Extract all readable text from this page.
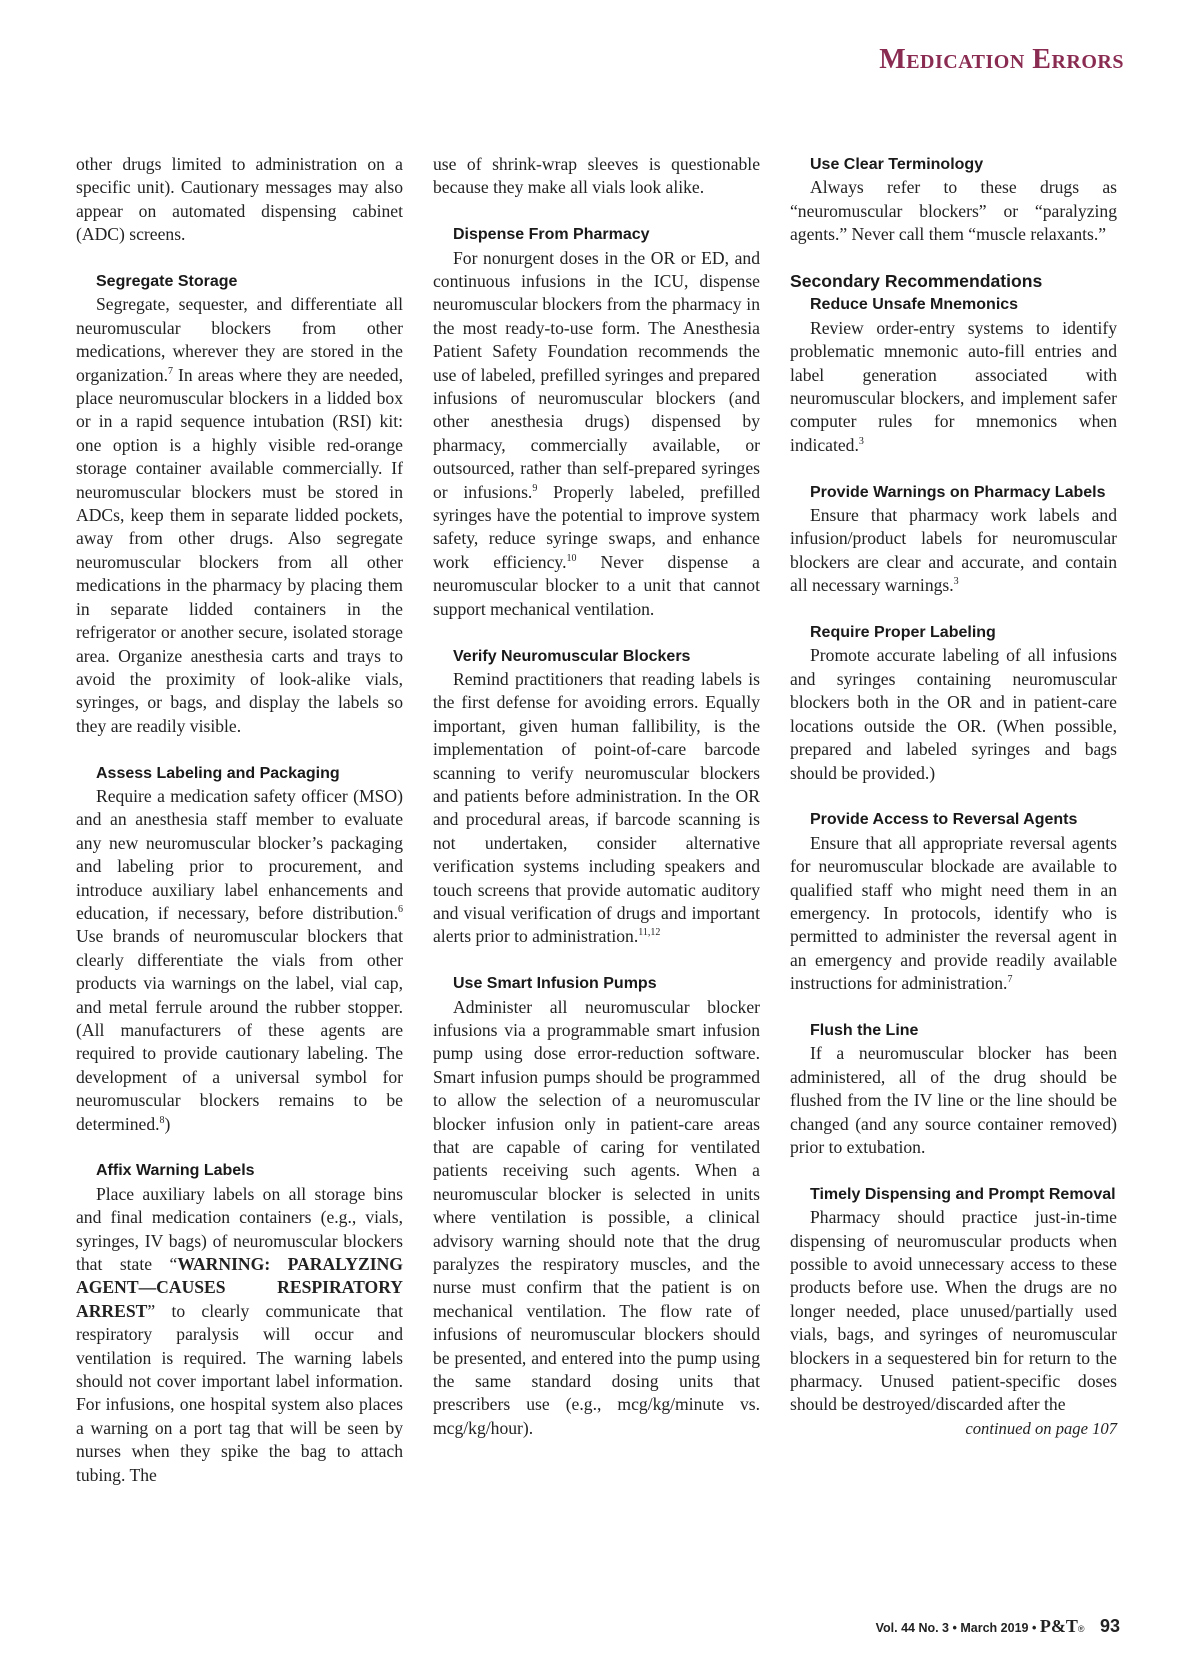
Medication Errors

other drugs limited to administration on a specific unit). Cautionary messages may also appear on automated dispensing cabinet (ADC) screens.

Segregate Storage

Segregate, sequester, and differentiate all neuromuscular blockers from other medications, wherever they are stored in the organization.$^7$ In areas where they are needed, place neuromuscular blockers in a lidded box or in a rapid sequence intubation (RSI) kit: one option is a highly visible red-orange storage container available commercially. If neuromuscular blockers must be stored in ADCs, keep them in separate lidded pockets, away from other drugs. Also segregate neuromuscular blockers from all other medications in the pharmacy by placing them in separate lidded containers in the refrigerator or another secure, isolated storage area. Organize anesthesia carts and trays to avoid the proximity of look-alike vials, syringes, or bags, and display the labels so they are readily visible.

Assess Labeling and Packaging

Require a medication safety officer (MSO) and an anesthesia staff member to evaluate any new neuromuscular blocker’s packaging and labeling prior to procurement, and introduce auxiliary label enhancements and education, if necessary, before distribution.$^6$ Use brands of neuromuscular blockers that clearly differentiate the vials from other products via warnings on the label, vial cap, and metal ferrule around the rubber stopper. (All manufacturers of these agents are required to provide cautionary labeling. The development of a universal symbol for neuromuscular blockers remains to be determined.$^8$)

Affix Warning Labels

Place auxiliary labels on all storage bins and final medication containers (e.g., vials, syringes, IV bags) of neuromuscular blockers that state “WARNING: PARALYZING AGENT—CAUSES RESPIRATORY ARREST” to clearly communicate that respiratory paralysis will occur and ventilation is required. The warning labels should not cover important label information. For infusions, one hospital system also places a warning on a port tag that will be seen by nurses when they spike the bag to attach tubing. The

use of shrink-wrap sleeves is questionable because they make all vials look alike.

Dispense From Pharmacy

For nonurgent doses in the OR or ED, and continuous infusions in the ICU, dispense neuromuscular blockers from the pharmacy in the most ready-to-use form. The Anesthesia Patient Safety Foundation recommends the use of labeled, prefilled syringes and prepared infusions of neuromuscular blockers (and other anesthesia drugs) dispensed by pharmacy, commercially available, or outsourced, rather than self-prepared syringes or infusions.$^9$ Properly labeled, prefilled syringes have the potential to improve system safety, reduce syringe swaps, and enhance work efficiency.$^{10}$ Never dispense a neuromuscular blocker to a unit that cannot support mechanical ventilation.

Verify Neuromuscular Blockers

Remind practitioners that reading labels is the first defense for avoiding errors. Equally important, given human fallibility, is the implementation of point-of-care barcode scanning to verify neuromuscular blockers and patients before administration. In the OR and procedural areas, if barcode scanning is not undertaken, consider alternative verification systems including speakers and touch screens that provide automatic auditory and visual verification of drugs and important alerts prior to administration.$^{11,12}$

Use Smart Infusion Pumps

Administer all neuromuscular blocker infusions via a programmable smart infusion pump using dose error-reduction software. Smart infusion pumps should be programmed to allow the selection of a neuromuscular blocker infusion only in patient-care areas that are capable of caring for ventilated patients receiving such agents. When a neuromuscular blocker is selected in units where ventilation is possible, a clinical advisory warning should note that the drug paralyzes the respiratory muscles, and the nurse must confirm that the patient is on mechanical ventilation. The flow rate of infusions of neuromuscular blockers should be presented, and entered into the pump using the same standard dosing units that prescribers use (e.g., mcg/kg/minute vs. mcg/kg/hour).

Use Clear Terminology

Always refer to these drugs as “neuromuscular blockers” or “paralyzing agents.” Never call them “muscle relaxants.”

Secondary Recommendations
Reduce Unsafe Mnemonics

Review order-entry systems to identify problematic mnemonic auto-fill entries and label generation associated with neuromuscular blockers, and implement safer computer rules for mnemonics when indicated.$^3$

Provide Warnings on Pharmacy Labels

Ensure that pharmacy work labels and infusion/product labels for neuromuscular blockers are clear and accurate, and contain all necessary warnings.$^3$

Require Proper Labeling

Promote accurate labeling of all infusions and syringes containing neuromuscular blockers both in the OR and in patient-care locations outside the OR. (When possible, prepared and labeled syringes and bags should be provided.)

Provide Access to Reversal Agents

Ensure that all appropriate reversal agents for neuromuscular blockade are available to qualified staff who might need them in an emergency. In protocols, identify who is permitted to administer the reversal agent in an emergency and provide readily available instructions for administration.$^7$

Flush the Line

If a neuromuscular blocker has been administered, all of the drug should be flushed from the IV line or the line should be changed (and any source container removed) prior to extubation.

Timely Dispensing and Prompt Removal

Pharmacy should practice just-in-time dispensing of neuromuscular products when possible to avoid unnecessary access to these products before use. When the drugs are no longer needed, place unused/partially used vials, bags, and syringes of neuromuscular blockers in a sequestered bin for return to the pharmacy. Unused patient-specific doses should be destroyed/discarded after the

continued on page 107

Vol. 44 No. 3 • March 2019 • P&T® 93
